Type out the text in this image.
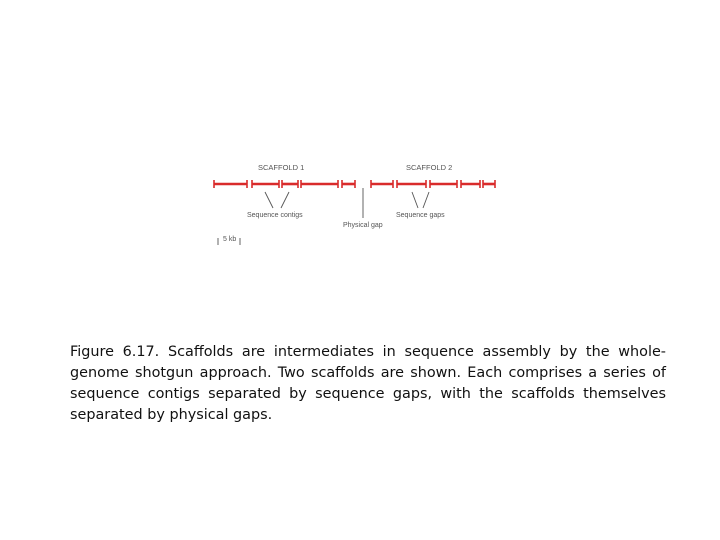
SCAFFOLD 1	SCAFFOLD 2
Sequence contigs
Physical gap
Sequence gaps
5 kb

Figure 6.17. Scaffolds are intermediates in sequence assembly by the whole-genome shotgun approach. Two scaffolds are shown. Each comprises a series of sequence contigs separated by sequence gaps, with the scaffolds themselves separated by physical gaps.
